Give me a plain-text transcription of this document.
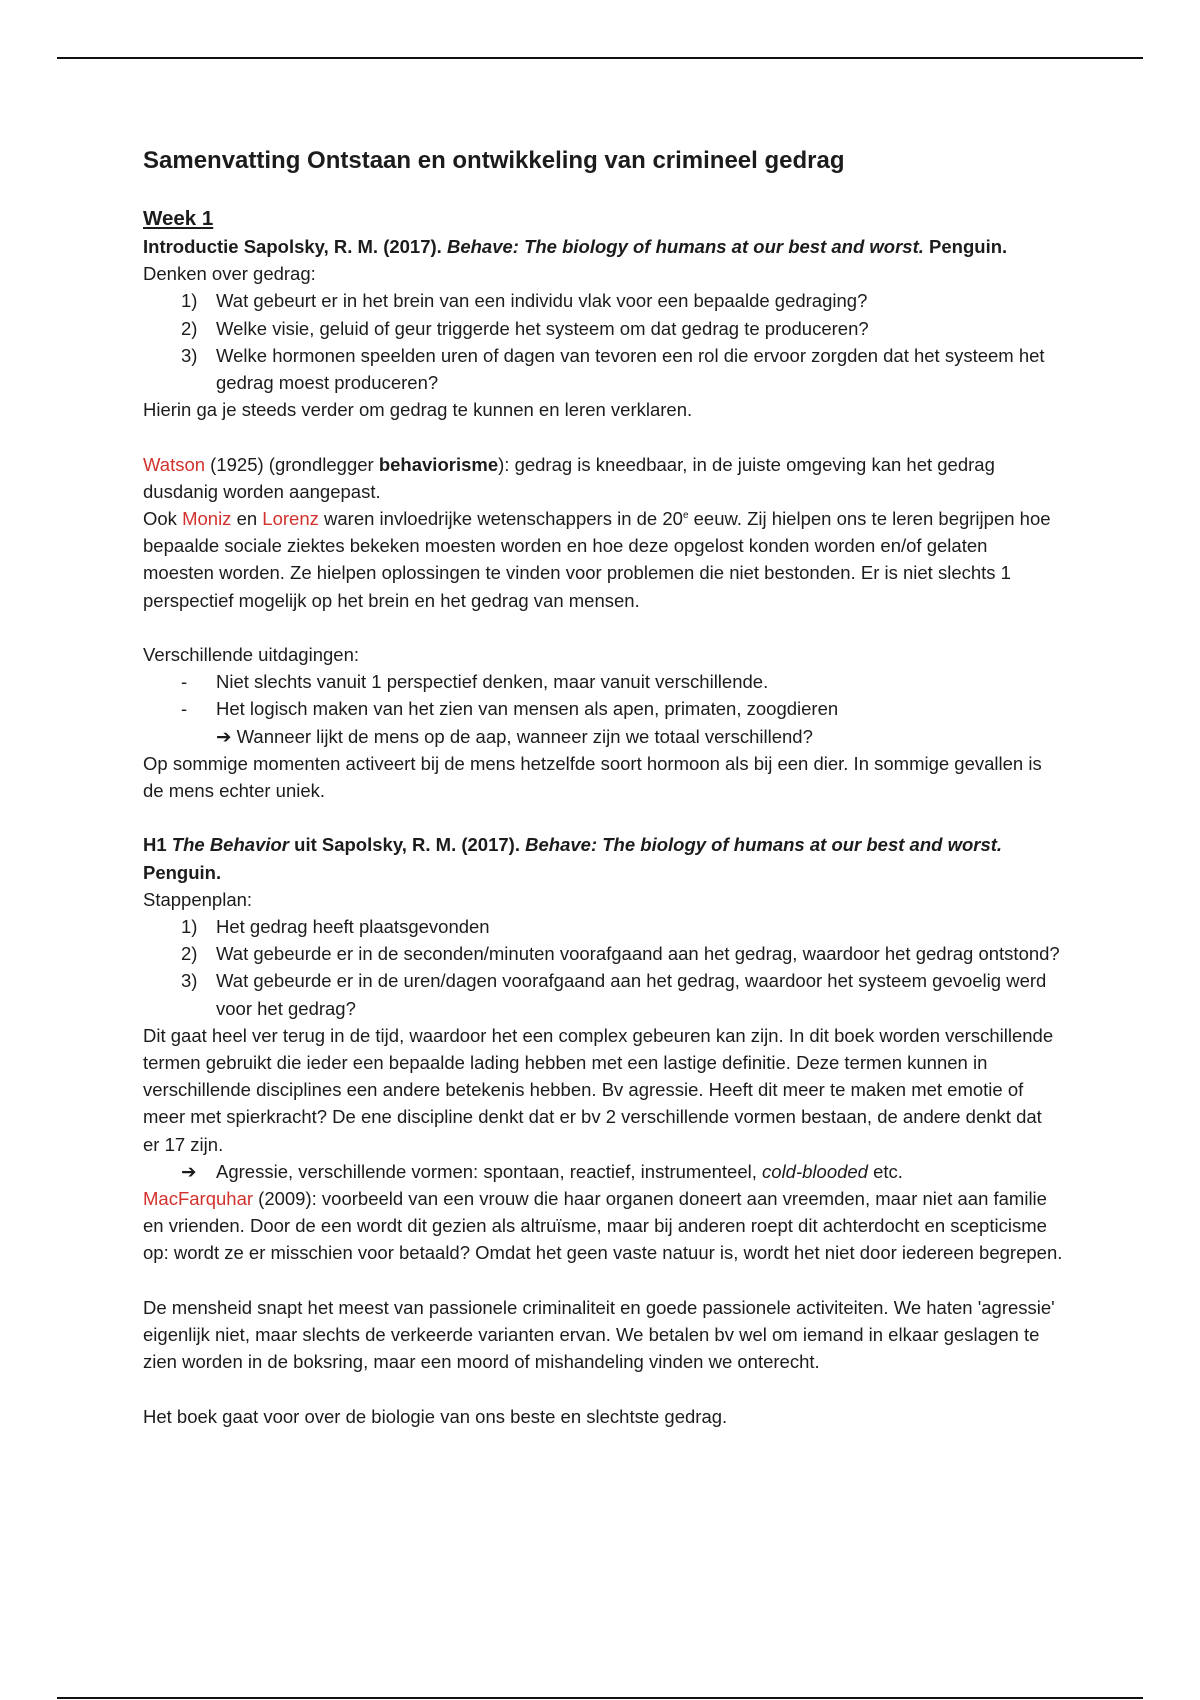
Samenvatting Ontstaan en ontwikkeling van crimineel gedrag
Week 1

Introductie Sapolsky, R. M. (2017). Behave: The biology of humans at our best and worst. Penguin.

Denken over gedrag:

1) Wat gebeurt er in het brein van een individu vlak voor een bepaalde gedraging?
2) Welke visie, geluid of geur triggerde het systeem om dat gedrag te produceren?
3) Welke hormonen speelden uren of dagen van tevoren een rol die ervoor zorgden dat het systeem het gedrag moest produceren?

Hierin ga je steeds verder om gedrag te kunnen en leren verklaren.

Watson (1925) (grondlegger behaviorisme): gedrag is kneedbaar, in de juiste omgeving kan het gedrag dusdanig worden aangepast.

Ook Moniz en Lorenz waren invloedrijke wetenschappers in de 20e eeuw. Zij hielpen ons te leren begrijpen hoe bepaalde sociale ziektes bekeken moesten worden en hoe deze opgelost konden worden en/of gelaten moesten worden. Ze hielpen oplossingen te vinden voor problemen die niet bestonden. Er is niet slechts 1 perspectief mogelijk op het brein en het gedrag van mensen.

Verschillende uitdagingen:

- Niet slechts vanuit 1 perspectief denken, maar vanuit verschillende.
- Het logisch maken van het zien van mensen als apen, primaten, zoogdieren

➔ Wanneer lijkt de mens op de aap, wanneer zijn we totaal verschillend?

Op sommige momenten activeert bij de mens hetzelfde soort hormoon als bij een dier. In sommige gevallen is de mens echter uniek.

H1 The Behavior uit Sapolsky, R. M. (2017). Behave: The biology of humans at our best and worst. Penguin.

Stappenplan:

1) Het gedrag heeft plaatsgevonden
2) Wat gebeurde er in de seconden/minuten voorafgaand aan het gedrag, waardoor het gedrag ontstond?
3) Wat gebeurde er in de uren/dagen voorafgaand aan het gedrag, waardoor het systeem gevoelig werd voor het gedrag?

Dit gaat heel ver terug in de tijd, waardoor het een complex gebeuren kan zijn. In dit boek worden verschillende termen gebruikt die ieder een bepaalde lading hebben met een lastige definitie. Deze termen kunnen in verschillende disciplines een andere betekenis hebben. Bv agressie. Heeft dit meer te maken met emotie of meer met spierkracht? De ene discipline denkt dat er bv 2 verschillende vormen bestaan, de andere denkt dat er 17 zijn.

➔ Agressie, verschillende vormen: spontaan, reactief, instrumenteel, cold-blooded etc.

MacFarquhar (2009): voorbeeld van een vrouw die haar organen doneert aan vreemden, maar niet aan familie en vrienden. Door de een wordt dit gezien als altruïsme, maar bij anderen roept dit achterdocht en scepticisme op: wordt ze er misschien voor betaald? Omdat het geen vaste natuur is, wordt het niet door iedereen begrepen.

De mensheid snapt het meest van passionele criminaliteit en goede passionele activiteiten. We haten 'agressie' eigenlijk niet, maar slechts de verkeerde varianten ervan. We betalen bv wel om iemand in elkaar geslagen te zien worden in de boksring, maar een moord of mishandeling vinden we onterecht.

Het boek gaat voor over de biologie van ons beste en slechtste gedrag.
